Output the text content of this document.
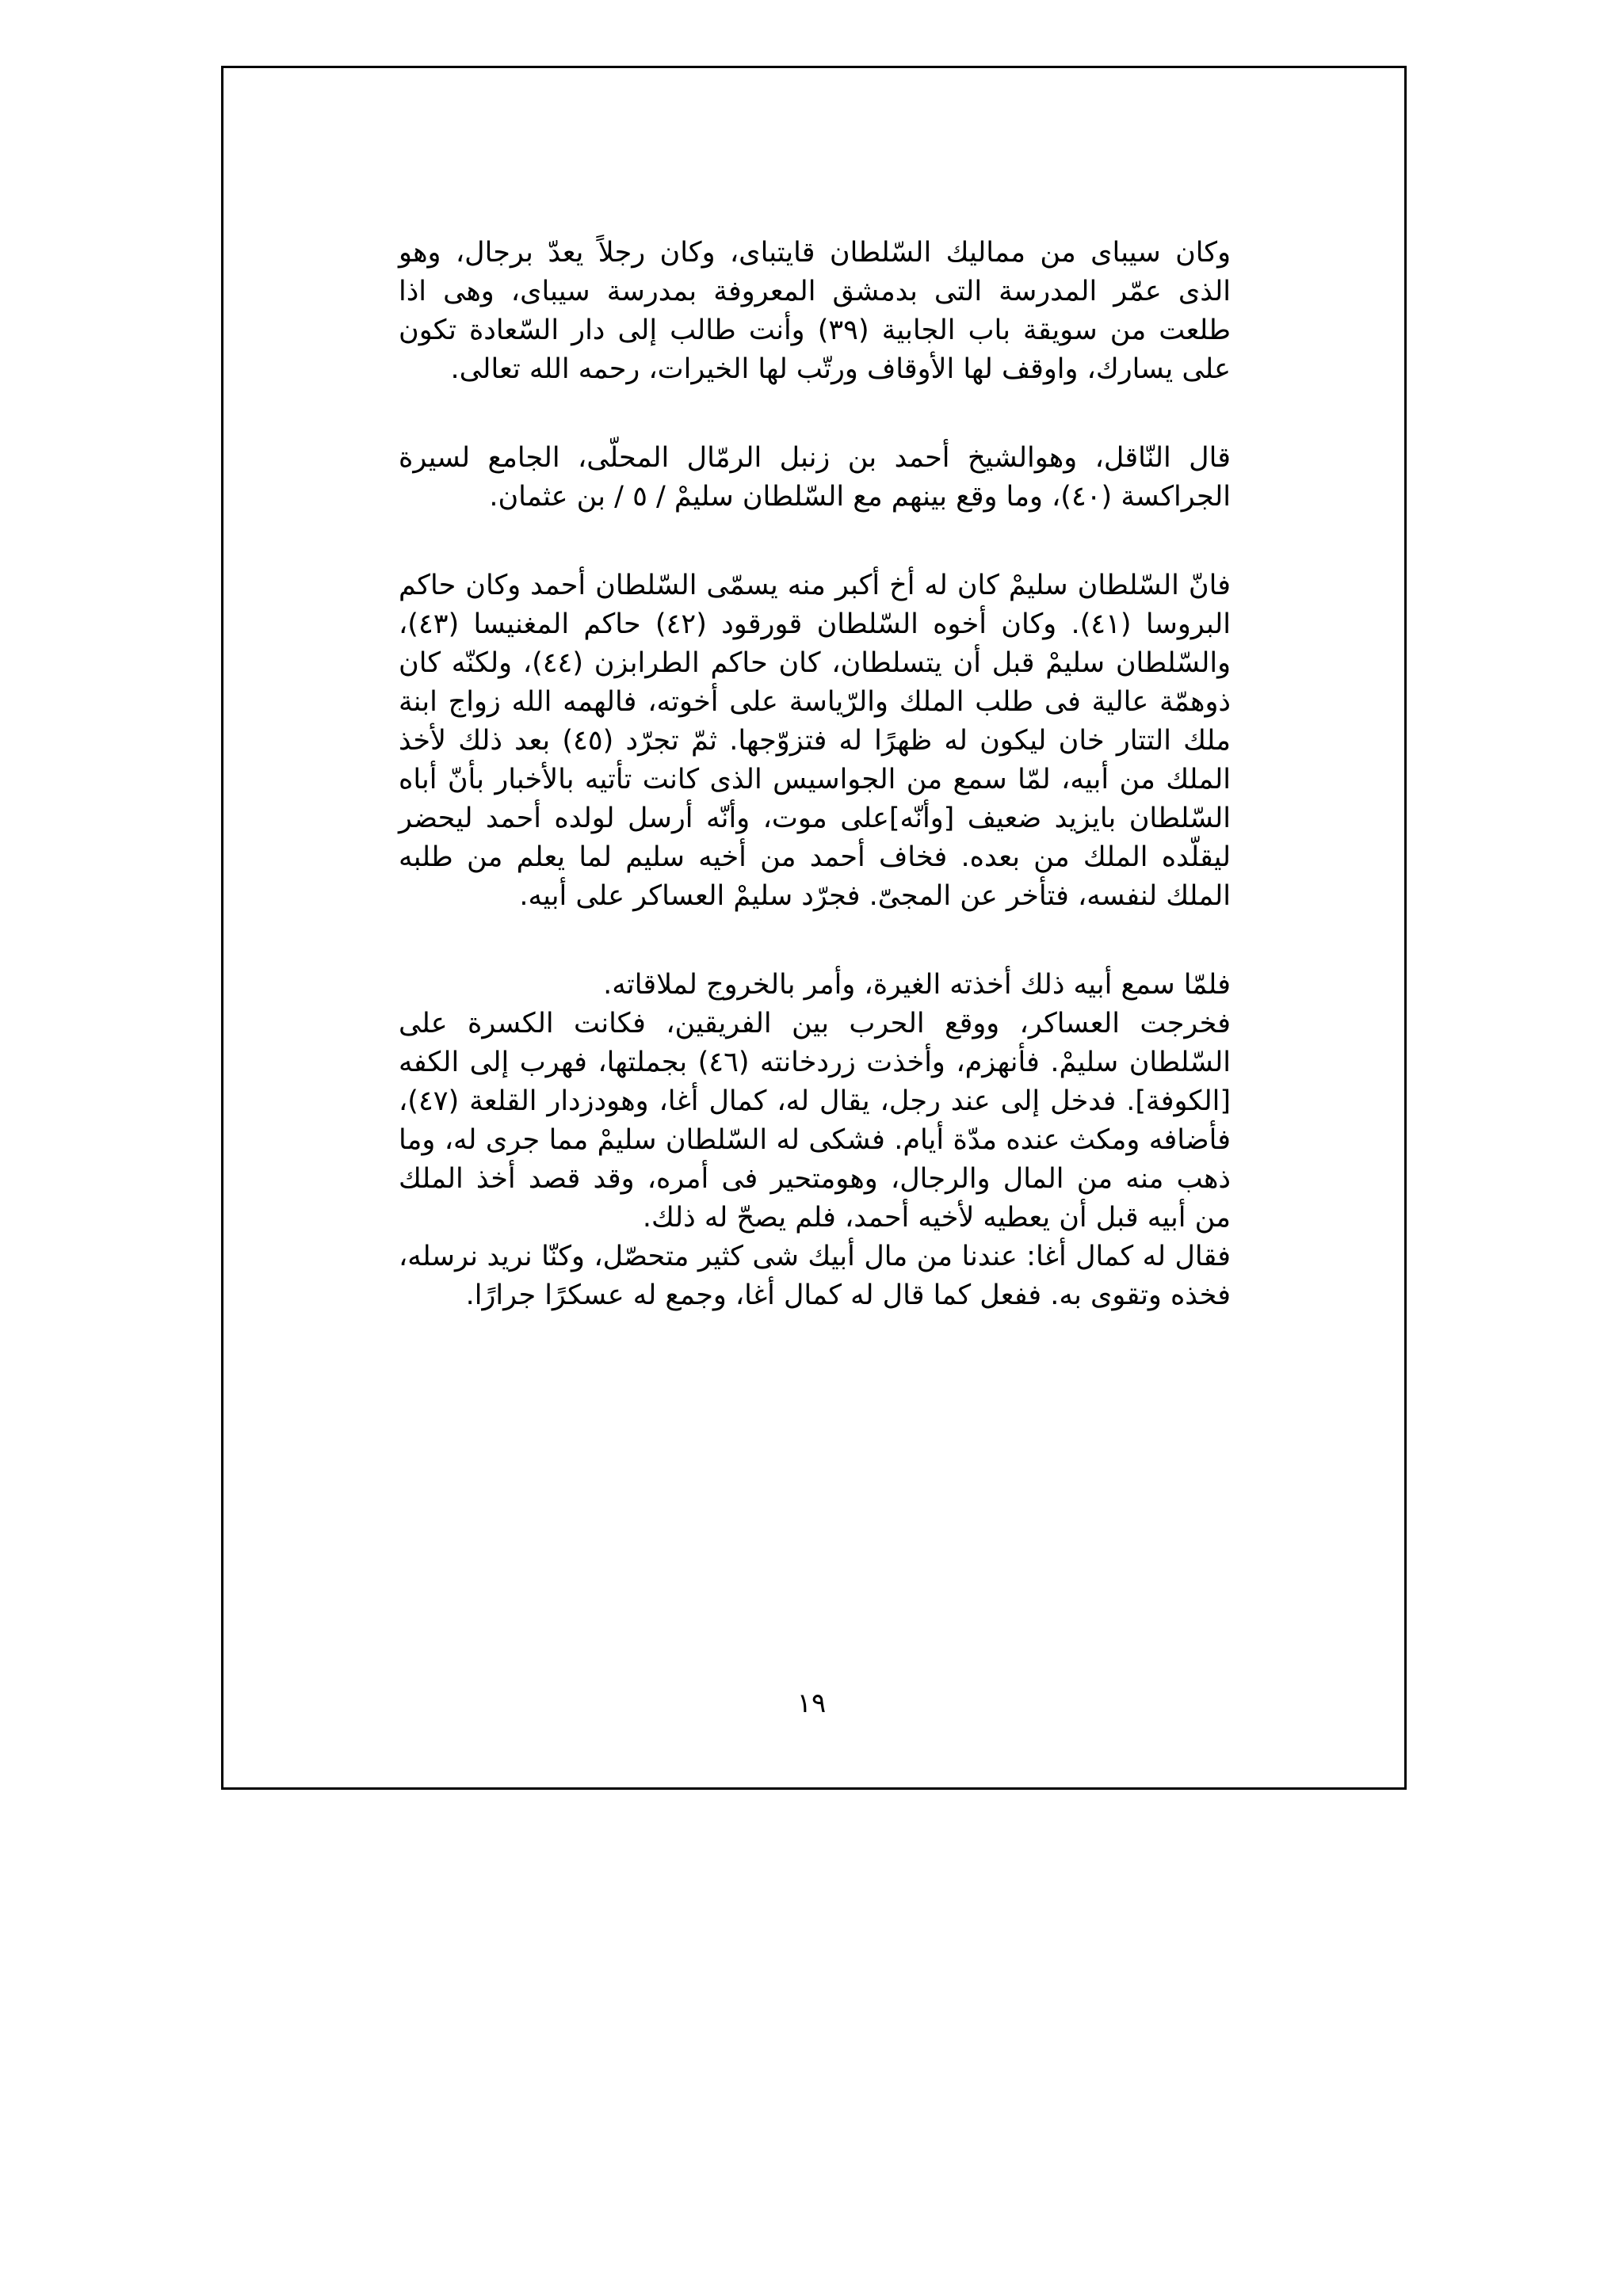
وكان سيباى من مماليك السّلطان قايتباى، وكان رجلاً يعدّ برجال، وهو الذى عمّر المدرسة التى بدمشق المعروفة بمدرسة سيباى، وهى اذا طلعت من سويقة باب الجابية (٣٩) وأنت طالب إلى دار السّعادة تكون على يسارك، واوقف لها الأوقاف ورتّب لها الخيرات، رحمه الله تعالى.

قال النّاقل، وهوالشيخ أحمد بن زنبل الرمّال المحلّى، الجامع لسيرة الجراكسة (٤٠)، وما وقع بينهم مع السّلطان سليمْ / ٥ / بن عثمان.

فانّ السّلطان سليمْ كان له أخ أكبر منه يسمّى السّلطان أحمد وكان حاكم البروسا (٤١). وكان أخوه السّلطان قورقود (٤٢) حاكم المغنيسا (٤٣)، والسّلطان سليمْ قبل أن يتسلطان، كان حاكم الطرابزن (٤٤)، ولكنّه كان ذوهمّة عالية فى طلب الملك والرّياسة على أخوته، فالهمه الله زواج ابنة ملك التتار خان ليكون له ظهرًا له فتزوّجها. ثمّ تجرّد (٤٥) بعد ذلك لأخذ الملك من أبيه، لمّا سمع من الجواسيس الذى كانت تأتيه بالأخبار بأنّ أباه السّلطان بايزيد ضعيف [وأنّه]على موت، وأنّه أرسل لولده أحمد ليحضر ليقلّده الملك من بعده. فخاف أحمد من أخيه سليم لما يعلم من طلبه الملك لنفسه، فتأخر عن المجىّ. فجرّد سليمْ العساكر على أبيه.

فلمّا سمع أبيه ذلك أخذته الغيرة، وأمر بالخروج لملاقاته.

فخرجت العساكر، ووقع الحرب بين الفريقين، فكانت الكسرة على السّلطان سليمْ. فأنهزم، وأخذت زردخانته (٤٦) بجملتها، فهرب إلى الكفه [الكوفة]. فدخل إلى عند رجل، يقال له، كمال أغا، وهودزدار القلعة (٤٧)، فأضافه ومكث عنده مدّة أيام. فشكى له السّلطان سليمْ مما جرى له، وما ذهب منه من المال والرجال، وهومتحير فى أمره، وقد قصد أخذ الملك من أبيه قبل أن يعطيه لأخيه أحمد، فلم يصحّ له ذلك.

فقال له كمال أغا: عندنا من مال أبيك شى كثير متحصّل، وكنّا نريد نرسله، فخذه وتقوى به. ففعل كما قال له كمال أغا، وجمع له عسكرًا جرارًا.

١٩
